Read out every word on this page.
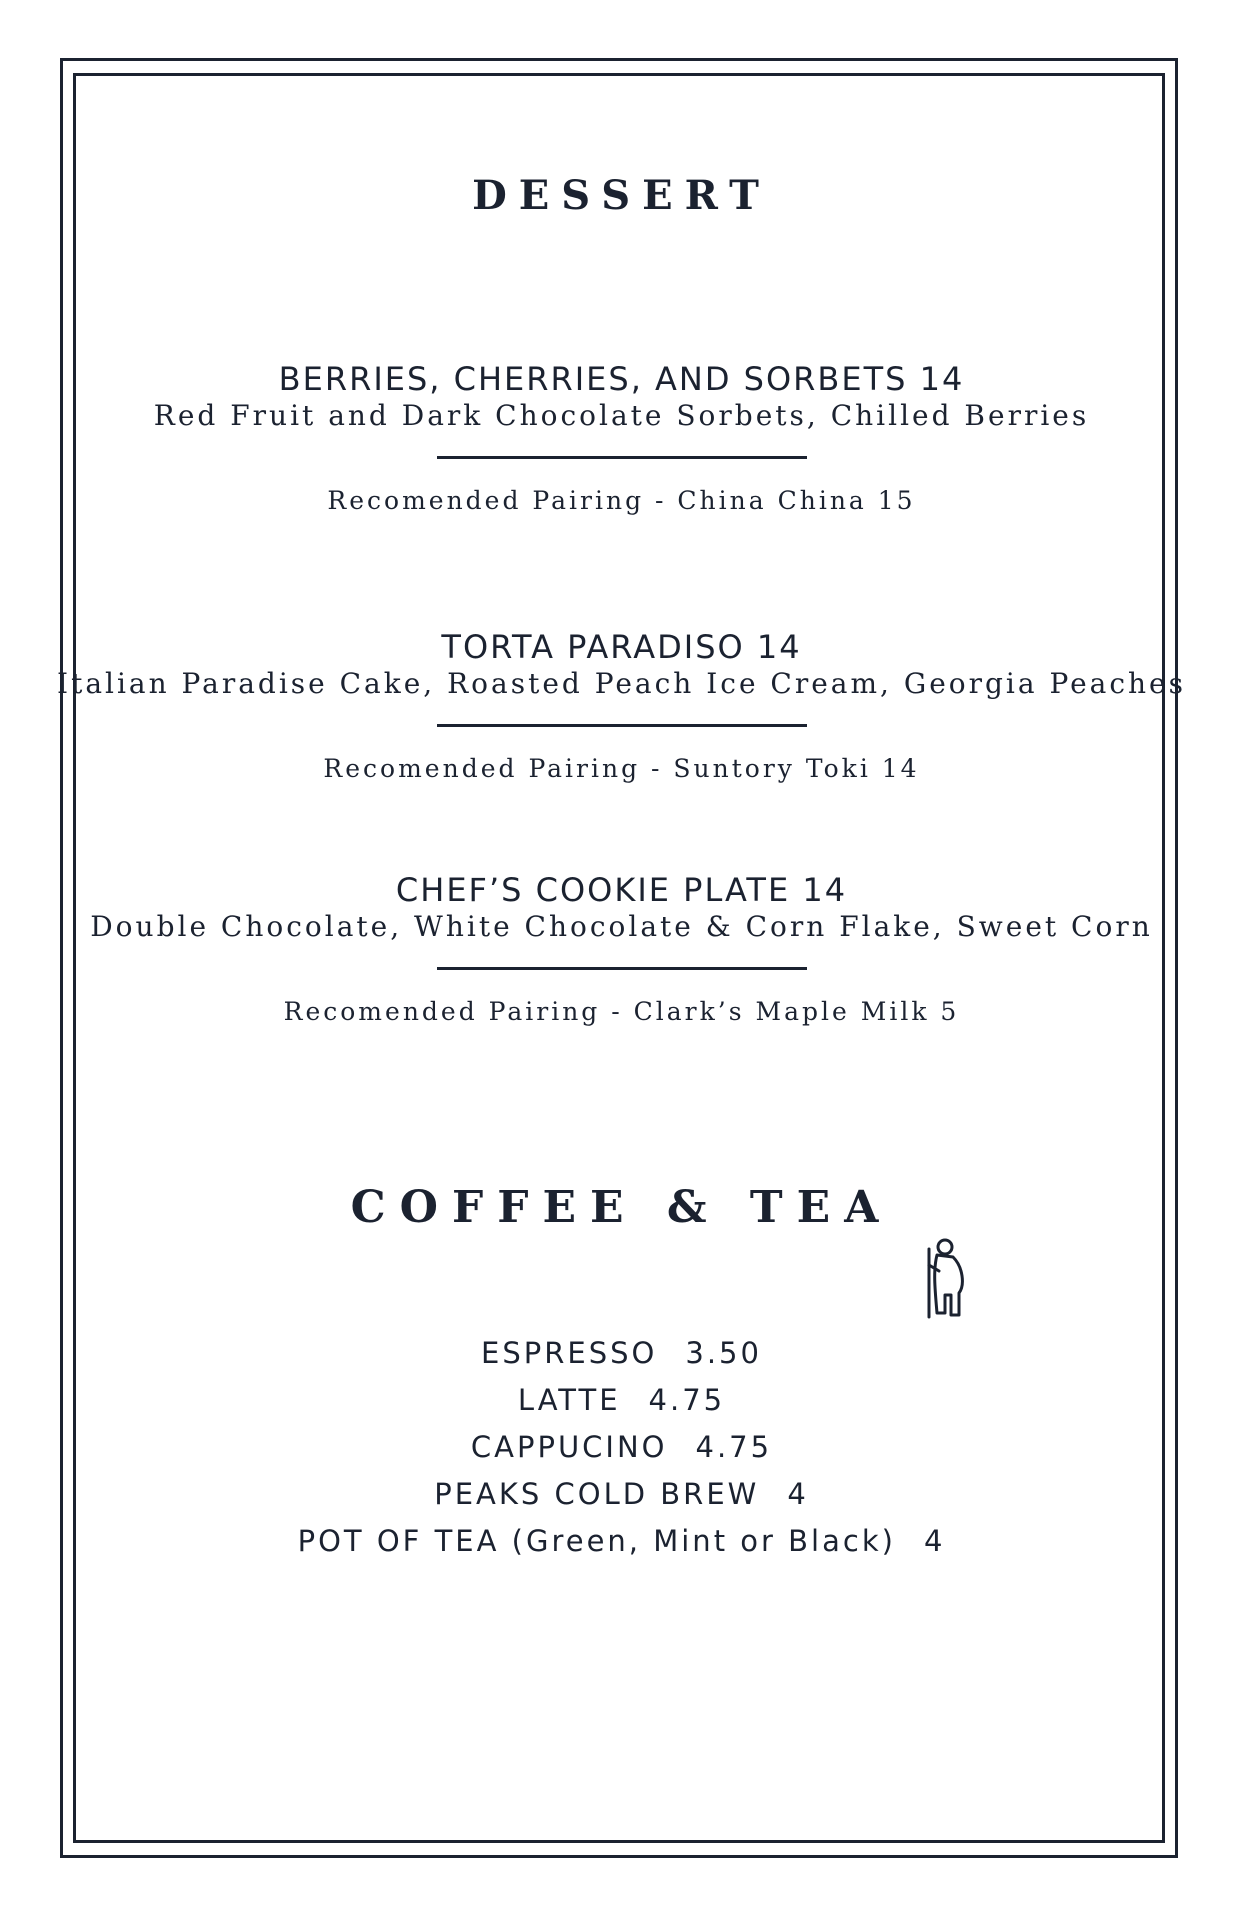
DESSERT
BERRIES, CHERRIES, AND SORBETS 14
Red Fruit and Dark Chocolate Sorbets, Chilled Berries
Recomended Pairing - China China 15
TORTA PARADISO 14
Italian Paradise Cake, Roasted Peach Ice Cream, Georgia Peaches
Recomended Pairing - Suntory Toki 14
CHEF’S COOKIE PLATE 14
Double Chocolate, White Chocolate & Corn Flake, Sweet Corn
Recomended Pairing - Clark’s Maple Milk 5
COFFEE & TEA
ESPRESSO 3.50
LATTE 4.75
CAPPUCINO 4.75
PEAKS COLD BREW 4
POT OF TEA (Green, Mint or Black) 4
